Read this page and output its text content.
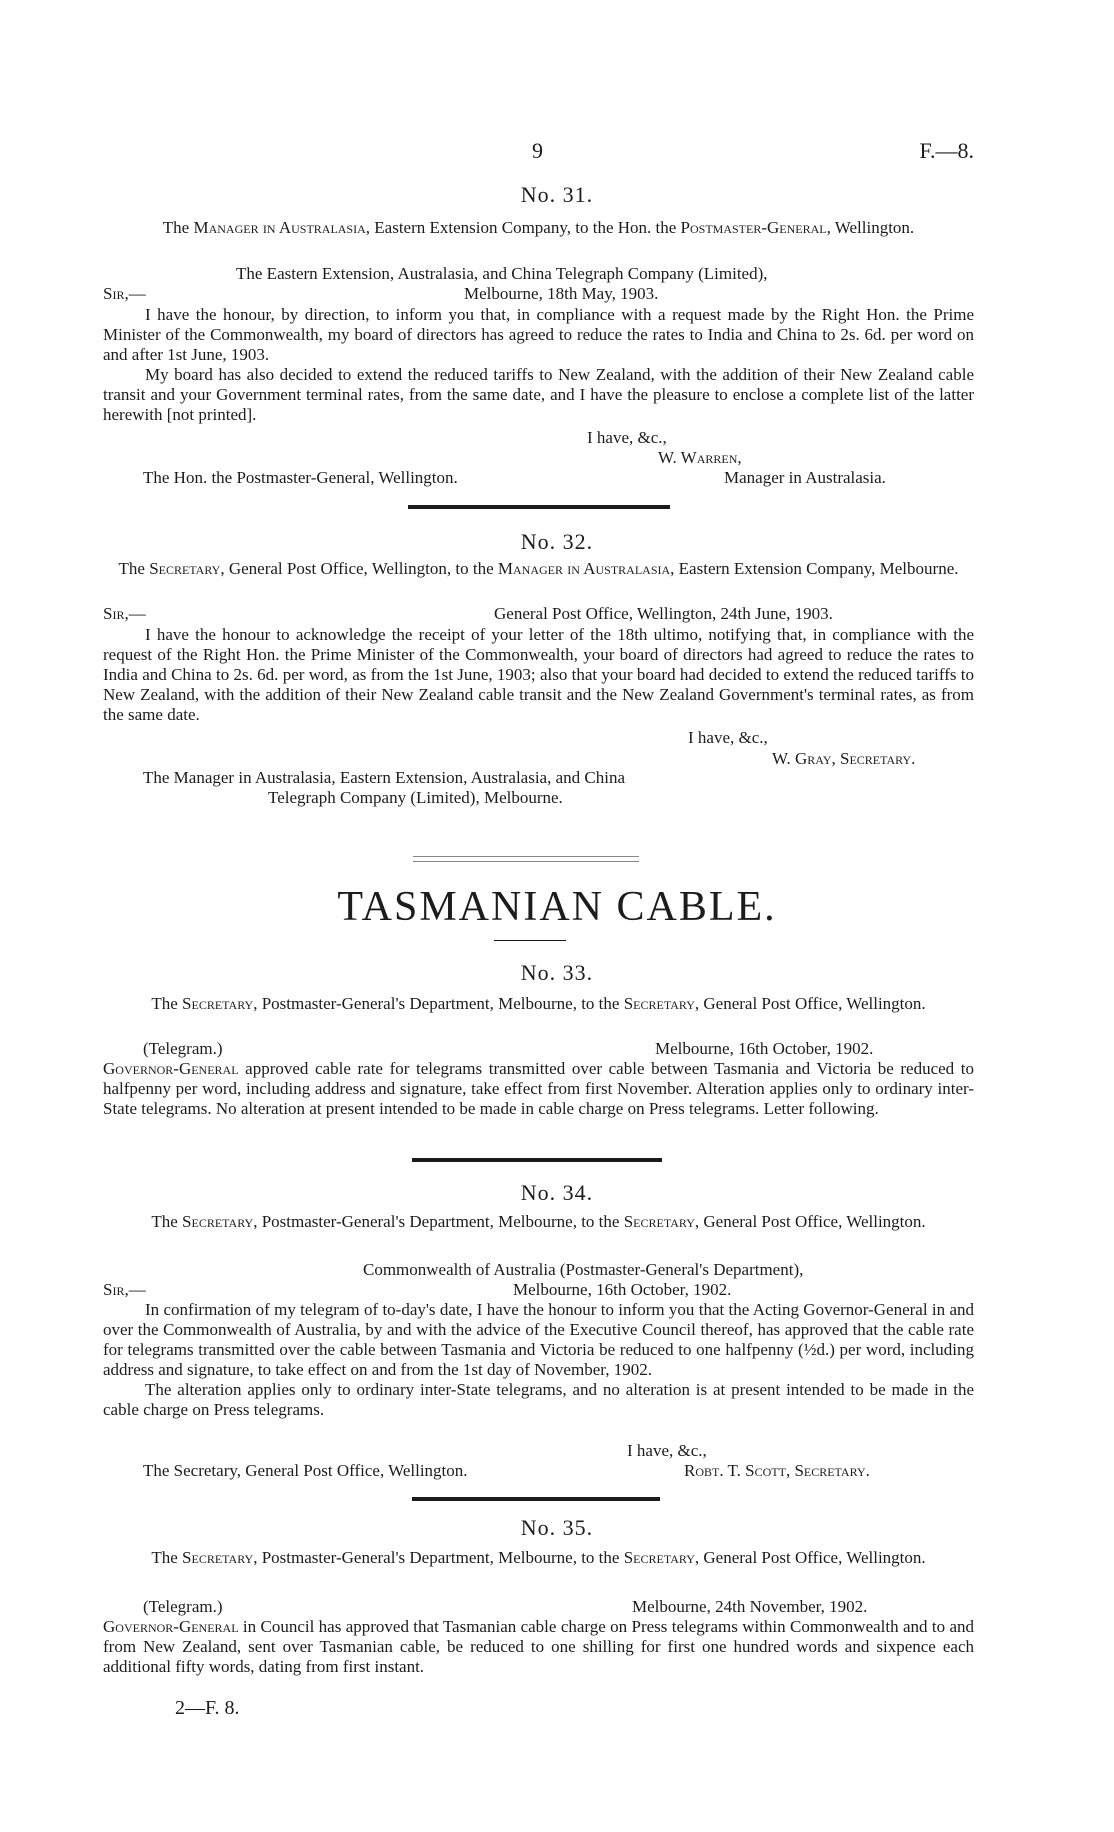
9	F.—8.
No. 31.
The Manager in Australasia, Eastern Extension Company, to the Hon. the Postmaster-General, Wellington.
The Eastern Extension, Australasia, and China Telegraph Company (Limited),
Sir,—	Melbourne, 18th May, 1903.
I have the honour, by direction, to inform you that, in compliance with a request made by the Right Hon. the Prime Minister of the Commonwealth, my board of directors has agreed to reduce the rates to India and China to 2s. 6d. per word on and after 1st June, 1903.
My board has also decided to extend the reduced tariffs to New Zealand, with the addition of their New Zealand cable transit and your Government terminal rates, from the same date, and I have the pleasure to enclose a complete list of the latter herewith [not printed].
I have, &c.,
W. Warren,
The Hon. the Postmaster-General, Wellington.	Manager in Australasia.
No. 32.
The Secretary, General Post Office, Wellington, to the Manager in Australasia, Eastern Extension Company, Melbourne.
Sir,—	General Post Office, Wellington, 24th June, 1903.
I have the honour to acknowledge the receipt of your letter of the 18th ultimo, notifying that, in compliance with the request of the Right Hon. the Prime Minister of the Commonwealth, your board of directors had agreed to reduce the rates to India and China to 2s. 6d. per word, as from the 1st June, 1903; also that your board had decided to extend the reduced tariffs to New Zealand, with the addition of their New Zealand cable transit and the New Zealand Government's terminal rates, as from the same date.
I have, &c.,
W. Gray, Secretary.
The Manager in Australasia, Eastern Extension, Australasia, and China
Telegraph Company (Limited), Melbourne.
TASMANIAN CABLE.
No. 33.
The Secretary, Postmaster-General's Department, Melbourne, to the Secretary, General Post Office, Wellington.
(Telegram.)	Melbourne, 16th October, 1902.
Governor-General approved cable rate for telegrams transmitted over cable between Tasmania and Victoria be reduced to halfpenny per word, including address and signature, take effect from first November. Alteration applies only to ordinary inter-State telegrams. No alteration at present intended to be made in cable charge on Press telegrams. Letter following.
No. 34.
The Secretary, Postmaster-General's Department, Melbourne, to the Secretary, General Post Office, Wellington.
Commonwealth of Australia (Postmaster-General's Department),
Sir,—	Melbourne, 16th October, 1902.
In confirmation of my telegram of to-day's date, I have the honour to inform you that the Acting Governor-General in and over the Commonwealth of Australia, by and with the advice of the Executive Council thereof, has approved that the cable rate for telegrams transmitted over the cable between Tasmania and Victoria be reduced to one halfpenny (½d.) per word, including address and signature, to take effect on and from the 1st day of November, 1902.
The alteration applies only to ordinary inter-State telegrams, and no alteration is at present intended to be made in the cable charge on Press telegrams.
I have, &c.,
The Secretary, General Post Office, Wellington.	Robt. T. Scott, Secretary.
No. 35.
The Secretary, Postmaster-General's Department, Melbourne, to the Secretary, General Post Office, Wellington.
(Telegram.)	Melbourne, 24th November, 1902.
Governor-General in Council has approved that Tasmanian cable charge on Press telegrams within Commonwealth and to and from New Zealand, sent over Tasmanian cable, be reduced to one shilling for first one hundred words and sixpence each additional fifty words, dating from first instant.
2—F. 8.
